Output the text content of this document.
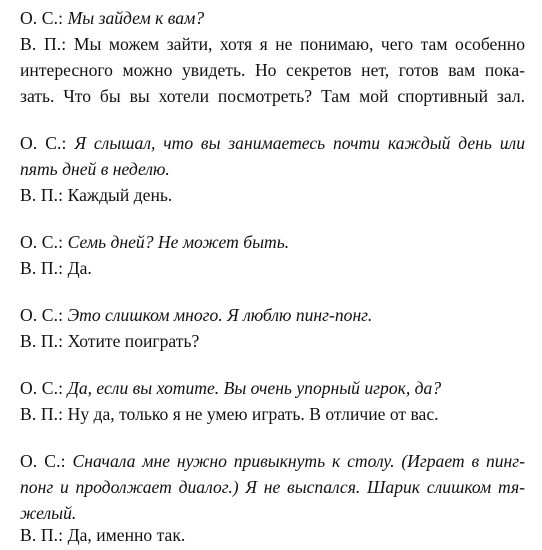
О. С.: Мы зайдем к вам?
В. П.: Мы можем зайти, хотя я не понимаю, чего там особенно
интересного можно увидеть. Но секретов нет, готов вам пока-
зать. Что бы вы хотели посмотреть? Там мой спортивный зал.
О. С.: Я слышал, что вы занимаетесь почти каждый день или
пять дней в неделю.
В. П.: Каждый день.
О. С.: Семь дней? Не может быть.
В. П.: Да.
О. С.: Это слишком много. Я люблю пинг-понг.
В. П.: Хотите поиграть?
О. С.: Да, если вы хотите. Вы очень упорный игрок, да?
В. П.: Ну да, только я не умею играть. В отличие от вас.
О. С.: Сначала мне нужно привыкнуть к столу. (Играет в пинг-
понг и продолжает диалог.) Я не выспался. Шарик слишком тя-
желый.
В. П.: Да, именно так.
